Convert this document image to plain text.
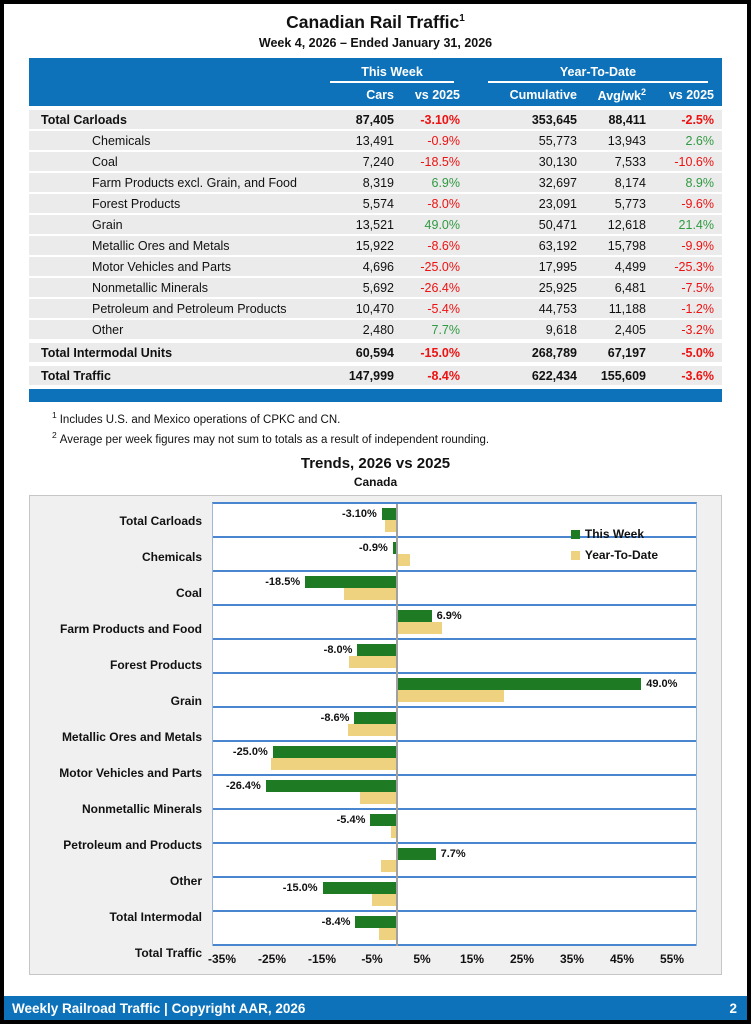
Canadian Rail Traffic$^1$
Week 4, 2026 – Ended January 31, 2026
This Week	Year-To-Date
Cars	vs 2025	Cumulative	Avg/$wk^2$	vs 2025
Total Carloads	87,405	-3.10%	353,645	88,411	-2.5%
Chemicals	13,491	-0.9%	55,773	13,943	2.6%
Coal	7,240	-18.5%	30,130	7,533	-10.6%
Farm Products excl. Grain, and Food	8,319	6.9%	32,697	8,174	8.9%
Forest Products	5,574	-8.0%	23,091	5,773	-9.6%
Grain	13,521	49.0%	50,471	12,618	21.4%
Metallic Ores and Metals	15,922	-8.6%	63,192	15,798	-9.9%
Motor Vehicles and Parts	4,696	-25.0%	17,995	4,499	-25.3%
Nonmetallic Minerals	5,692	-26.4%	25,925	6,481	-7.5%
Petroleum and Petroleum Products	10,470	-5.4%	44,753	11,188	-1.2%
Other	2,480	7.7%	9,618	2,405	-3.2%
Total Intermodal Units	60,594	-15.0%	268,789	67,197	-5.0%
Total Traffic	147,999	-8.4%	622,434	155,609	-3.6%
$^1$ Includes U.S. and Mexico operations of CPKC and CN.
$^2$ Average per week figures may not sum to totals as a result of independent rounding.
Trends, 2026 vs 2025
Canada
Total Carloads
Chemicals
Coal
Farm Products and Food
Forest Products
Grain
Metallic Ores and Metals
Motor Vehicles and Parts
Nonmetallic Minerals
Petroleum and Products
Other
Total Intermodal
Total Traffic
-3.10%
-0.9%
-18.5%
6.9%
-8.0%
49.0%
-8.6%
-25.0%
-26.4%
-5.4%
7.7%
-15.0%
-8.4%
This Week
Year-To-Date
-35% -25% -15% -5%	5% 15% 25% 35% 45% 55%
Weekly Railroad Traffic | Copyright AAR, 2026	2
